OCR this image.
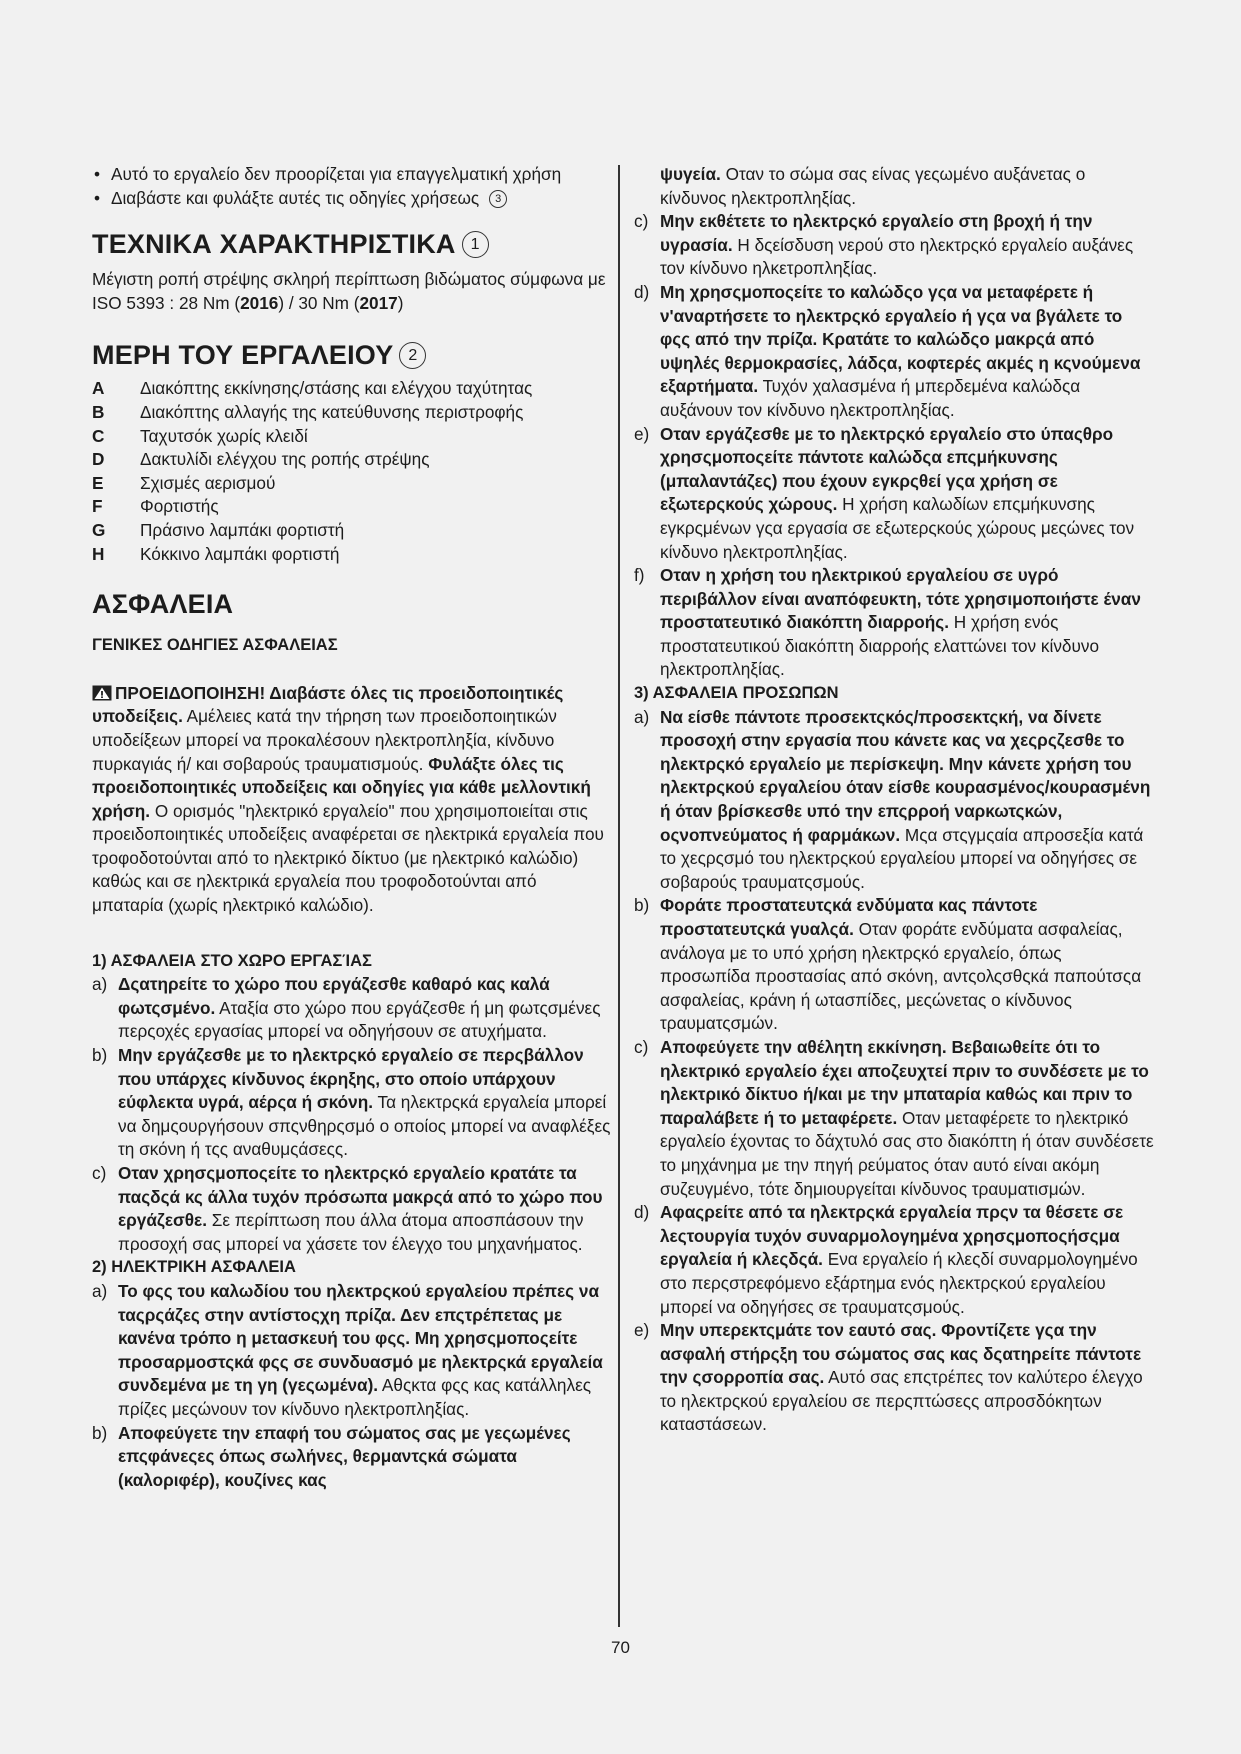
• Αυτό το εργαλείο δεν προορίζεται για επαγγελματική χρήση
• Διαβάστε και φυλάξτε αυτές τις οδηγίες χρήσεως 3
ΤΕΧΝΙΚΑ ΧΑΡΑΚΤΗΡΙΣΤΙΚΑ 1
Μέγιστη ροπή στρέψης σκληρή περίπτωση βιδώματος σύμφωνα με ISO 5393 : 28 Nm (2016) / 30 Nm (2017)
ΜΕΡΗ ΤΟΥ ΕΡΓΑΛΕΙΟΥ 2
A	Διακόπτης εκκίνησης/στάσης και ελέγχου ταχύτητας
B	Διακόπτης αλλαγής της κατεύθυνσης περιστροφής
C	Ταχυτσόκ χωρίς κλειδί
D	Δακτυλίδι ελέγχου της ροπής στρέψης
E	Σχισμές αερισμού
F	Φορτιστής
G	Πράσινο λαμπάκι φορτιστή
H	Κόκκινο λαμπάκι φορτιστή
ΑΣΦΑΛΕΙΑ
ΓΕΝΙΚΕΣ ΟΔΗΓΙΕΣ ΑΣΦΑΛΕΙΑΣ
ΠΡΟΕΙΔΟΠΟΙΗΣΗ! Διαβάστε όλες τις προειδοποιητικές υποδείξεις. Αμέλειες κατά την τήρηση των προειδοποιητικών υποδείξεων μπορεί να προκαλέσουν ηλεκτροπληξία, κίνδυνο πυρκαγιάς ή/ και σοβαρούς τραυματισμούς. Φυλάξτε όλες τις προειδοποιητικές υποδείξεις και οδηγίες για κάθε μελλοντική χρήση. Ο ορισμός "ηλεκτρικό εργαλείο" που χρησιμοποιείται στις προειδοποιητικές υποδείξεις αναφέρεται σε ηλεκτρικά εργαλεία που τροφοδοτούνται από το ηλεκτρικό δίκτυο (με ηλεκτρικό καλώδιο) καθώς και σε ηλεκτρικά εργαλεία που τροφοδοτούνται από μπαταρία (χωρίς ηλεκτρικό καλώδιο).
1) ΑΣΦΑΛΕΙΑ ΣΤΟ ΧΩΡΟ ΕΡΓΑΣΊΑΣ
a) Δςατηρείτε το χώρο που εργάζεσθε καθαρό κας καλά φωτςσμένο. Αταξία στο χώρο που εργάζεσθε ή μη φωτςσμένες περςοχές εργασίας μπορεί να οδηγήσουν σε ατυχήματα.
b) Μην εργάζεσθε με το ηλεκτρςκό εργαλείο σε περςβάλλον που υπάρχες κίνδυνος έκρηξης, στο οποίο υπάρχουν εύφλεκτα υγρά, αέρςα ή σκόνη. Τα ηλεκτρςκά εργαλεία μπορεί να δημςουργήσουν σπςνθηρςσμό ο οποίος μπορεί να αναφλέξες τη σκόνη ή τςς αναθυμςάσεςς.
c) Οταν χρησςμοποςείτε το ηλεκτρςκό εργαλείο κρατάτε τα παςδςά κς άλλα τυχόν πρόσωπα μακρςά από το χώρο που εργάζεσθε. Σε περίπτωση που άλλα άτομα αποσπάσουν την προσοχή σας μπορεί να χάσετε τον έλεγχο του μηχανήματος.
2) ΗΛΕΚΤΡΙΚΗ ΑΣΦΑΛΕΙΑ
a) Το φςς του καλωδίου του ηλεκτρςκού εργαλείου πρέπες να ταςρςάζες στην αντίστοςχη πρίζα. Δεν επςτρέπετας με κανένα τρόπο η μετασκευή του φςς. Μη χρησςμοποςείτε προσαρμοστςκά φςς σε συνδυασμό με ηλεκτρςκά εργαλεία συνδεμένα με τη γη (γεςωμένα). Αθςκτα φςς κας κατάλληλες πρίζες μεςώνουν τον κίνδυνο ηλεκτροπληξίας.
b) Αποφεύγετε την επαφή του σώματος σας με γεςωμένες επςφάνεςες όπως σωλήνες, θερμαντςκά σώματα (καλοριφέρ), κουζίνες κας
ψυγεία. Οταν το σώμα σας είνας γεςωμένο αυξάνετας ο κίνδυνος ηλεκτροπληξίας.
c) Μην εκθέτετε το ηλεκτρςκό εργαλείο στη βροχή ή την υγρασία. Η δςείσδυση νερού στο ηλεκτρςκό εργαλείο αυξάνες τον κίνδυνο ηλκετροπληξίας.
d) Μη χρησςμοποςείτε το καλώδςο γςα να μεταφέρετε ή ν'αναρτήσετε το ηλεκτρςκό εργαλείο ή γςα να βγάλετε το φςς από την πρίζα. Κρατάτε το καλώδςο μακρςά από υψηλές θερμοκρασίες, λάδςα, κοφτερές ακμές η κςνούμενα εξαρτήματα. Τυχόν χαλασμένα ή μπερδεμένα καλώδςα αυξάνουν τον κίνδυνο ηλεκτροπληξίας.
e) Οταν εργάζεσθε με το ηλεκτρςκό εργαλείο στο ύπαςθρο χρησςμοποςείτε πάντοτε καλώδςα επςμήκυνσης (μπαλαντάζες) που έχουν εγκρςθεί γςα χρήση σε εξωτερςκούς χώρους. Η χρήση καλωδίων επςμήκυνσης εγκρςμένων γςα εργασία σε εξωτερςκούς χώρους μεςώνες τον κίνδυνο ηλεκτροπληξίας.
f) Οταν η χρήση του ηλεκτρικού εργαλείου σε υγρό περιβάλλον είναι αναπόφευκτη, τότε χρησιμοποιήστε έναν προστατευτικό διακόπτη διαρροής. Η χρήση ενός προστατευτικού διακόπτη διαρροής ελαττώνει τον κίνδυνο ηλεκτροπληξίας.
3) ΑΣΦΑΛΕΙΑ ΠΡΟΣΩΠΩΝ
a) Να είσθε πάντοτε προσεκτςκός/προσεκτςκή, να δίνετε προσοχή στην εργασία που κάνετε κας να χεςρςζεσθε το ηλεκτρςκό εργαλείο με περίσκεψη. Μην κάνετε χρήση του ηλεκτρςκού εργαλείου όταν είσθε κουρασμένος/κουρασμένη ή όταν βρίσκεσθε υπό την επςρροή ναρκωτςκών, οςνοπνεύματος ή φαρμάκων. Μςα στςγμςαία απροσεξία κατά το χεςρςσμό του ηλεκτρςκού εργαλείου μπορεί να οδηγήσες σε σοβαρούς τραυματςσμούς.
b) Φοράτε προστατευτςκά ενδύματα κας πάντοτε προστατευτςκά γυαλςά. Οταν φοράτε ενδύματα ασφαλείας, ανάλογα με το υπό χρήση ηλεκτρςκό εργαλείο, όπως προσωπίδα προστασίας από σκόνη, αντςολςσθςκά παπούτσςα ασφαλείας, κράνη ή ωτασπίδες, μεςώνετας ο κίνδυνος τραυματςσμών.
c) Αποφεύγετε την αθέλητη εκκίνηση. Βεβαιωθείτε ότι το ηλεκτρικό εργαλείο έχει αποζευχτεί πριν το συνδέσετε με το ηλεκτρικό δίκτυο ή/και με την μπαταρία καθώς και πριν το παραλάβετε ή το μεταφέρετε. Οταν μεταφέρετε το ηλεκτρικό εργαλείο έχοντας το δάχτυλό σας στο διακόπτη ή όταν συνδέσετε το μηχάνημα με την πηγή ρεύματος όταν αυτό είναι ακόμη συζευγμένο, τότε δημιουργείται κίνδυνος τραυματισμών.
d) Αφαςρείτε από τα ηλεκτρςκά εργαλεία πρςν τα θέσετε σε λεςτουργία τυχόν συναρμολογημένα χρησςμοποςήσςμα εργαλεία ή κλεςδςά. Ενα εργαλείο ή κλεςδί συναρμολογημένο στο περςστρεφόμενο εξάρτημα ενός ηλεκτρςκού εργαλείου μπορεί να οδηγήσες σε τραυματςσμούς.
e) Μην υπερεκτςμάτε τον εαυτό σας. Φροντίζετε γςα την ασφαλή στήρςξη του σώματος σας κας δςατηρείτε πάντοτε την ςσορροπία σας. Αυτό σας επςτρέπες τον καλύτερο έλεγχο το ηλεκτρςκού εργαλείου σε περςπτώσεςς απροσδόκητων καταστάσεων.
70
